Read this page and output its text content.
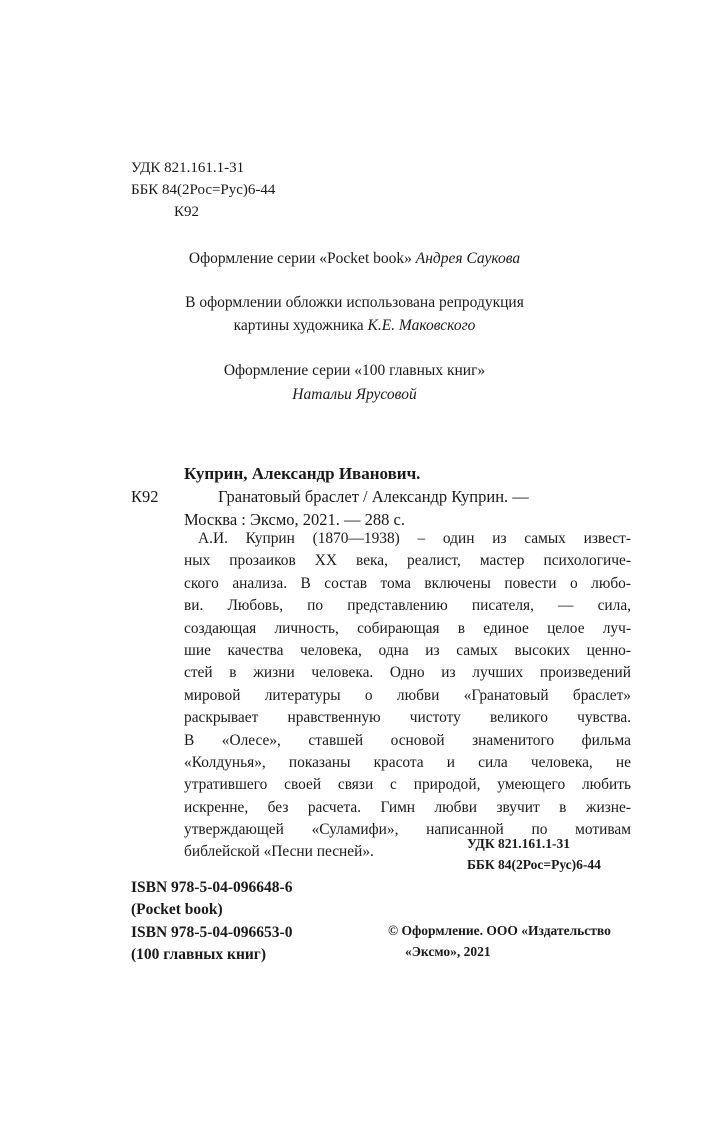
УДК 821.161.1-31
ББК 84(2Рос=Рус)6-44
К92
Оформление серии «Pocket book» Андрея Саукова
В оформлении обложки использована репродукция
картины художника К.Е. Маковского
Оформление серии «100 главных книг»
Натальи Ярусовой
Куприн, Александр Иванович.
К92	Гранатовый браслет / Александр Куприн. —
Москва : Эксмо, 2021. — 288 с.
А.И. Куприн (1870—1938) – один из самых извест-
ных прозаиков XX века, реалист, мастер психологиче-
ского анализа. В состав тома включены повести о любо-
ви. Любовь, по представлению писателя, — сила,
создающая личность, собирающая в единое целое луч-
шие качества человека, одна из самых высоких ценно-
стей в жизни человека. Одно из лучших произведений
мировой литературы о любви «Гранатовый браслет»
раскрывает нравственную чистоту великого чувства.
В «Олесе», ставшей основой знаменитого фильма
«Колдунья», показаны красота и сила человека, не
утратившего своей связи с природой, умеющего любить
искренне, без расчета. Гимн любви звучит в жизне-
утверждающей «Суламифи», написанной по мотивам
библейской «Песни песней».	УДК 821.161.1-31
ББК 84(2Рос=Рус)6-44
ISBN 978-5-04-096648-6
(Pocket book)
ISBN 978-5-04-096653-0
(100 главных книг)
© Оформление. ООО «Издательство
«Эксмо», 2021
